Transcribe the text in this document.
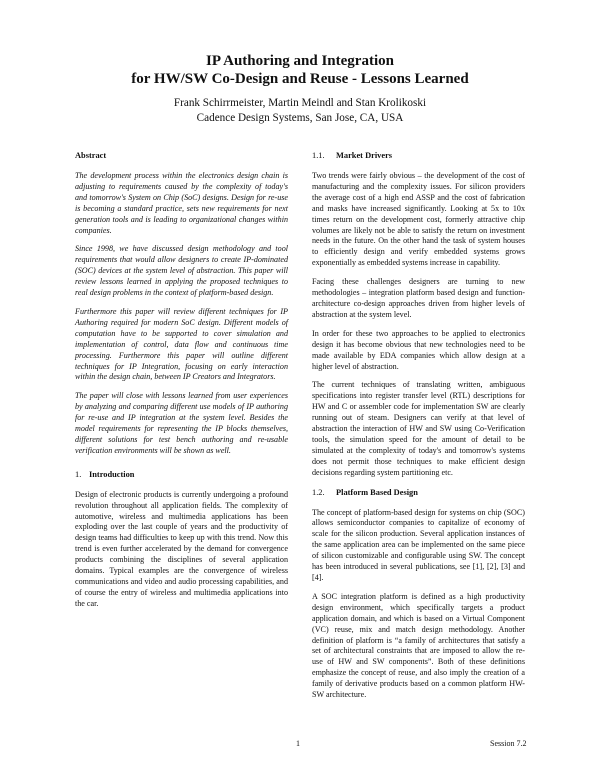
IP Authoring and Integration
for HW/SW Co-Design and Reuse - Lessons Learned
Frank Schirrmeister, Martin Meindl and Stan Krolikoski
Cadence Design Systems, San Jose, CA, USA
Abstract

The development process within the electronics design chain is adjusting to requirements caused by the complexity of today's and tomorrow's System on Chip (SoC) designs. Design for re-use is becoming a standard practice, sets new requirements for next generation tools and is leading to organizational changes within companies.

Since 1998, we have discussed design methodology and tool requirements that would allow designers to create IP-dominated (SOC) devices at the system level of abstraction. This paper will review lessons learned in applying the proposed techniques to real design problems in the context of platform-based design.

Furthermore this paper will review different techniques for IP Authoring required for modern SoC design. Different models of computation have to be supported to cover simulation and implementation of control, data flow and continuous time processing. Furthermore this paper will outline different techniques for IP Integration, focusing on early interaction within the design chain, between IP Creators and Integrators.

The paper will close with lessons learned from user experiences by analyzing and comparing different use models of IP authoring for re-use and IP integration at the system level. Besides the model requirements for representing the IP blocks themselves, different solutions for test bench authoring and re-usable verification environments will be shown as well.

1. Introduction

Design of electronic products is currently undergoing a profound revolution throughout all application fields. The complexity of automotive, wireless and multimedia applications has been exploding over the last couple of years and the productivity of design teams had difficulties to keep up with this trend. Now this trend is even further accelerated by the demand for convergence products combining the disciplines of several application domains. Typical examples are the convergence of wireless communications and video and audio processing capabilities, and of course the entry of wireless and multimedia applications into the car.

1.1. Market Drivers

Two trends were fairly obvious – the development of the cost of manufacturing and the complexity issues. For silicon providers the average cost of a high end ASSP and the cost of fabrication and masks have increased significantly. Looking at 5x to 10x times return on the development cost, formerly attractive chip volumes are likely not be able to satisfy the return on investment needs in the future. On the other hand the task of system houses to efficiently design and verify embedded systems grows exponentially as embedded systems increase in capability.

Facing these challenges designers are turning to new methodologies – integration platform based design and function-architecture co-design approaches driven from higher levels of abstraction at the system level.

In order for these two approaches to be applied to electronics design it has become obvious that new technologies need to be made available by EDA companies which allow design at a higher level of abstraction.

The current techniques of translating written, ambiguous specifications into register transfer level (RTL) descriptions for HW and C or assembler code for implementation SW are clearly running out of steam. Designers can verify at that level of abstraction the interaction of HW and SW using Co-Verification tools, the simulation speed for the amount of detail to be simulated at the complexity of today's and tomorrow's systems does not permit those techniques to make efficient design decisions regarding system partitioning etc.

1.2. Platform Based Design

The concept of platform-based design for systems on chip (SOC) allows semiconductor companies to capitalize of economy of scale for the silicon production. Several application instances of the same application area can be implemented on the same piece of silicon customizable and configurable using SW. The concept has been introduced in several publications, see [1], [2], [3] and [4].

A SOC integration platform is defined as a high productivity design environment, which specifically targets a product application domain, and which is based on a Virtual Component (VC) reuse, mix and match design methodology. Another definition of platform is “a family of architectures that satisfy a set of architectural constraints that are imposed to allow the re-use of HW and SW components”. Both of these definitions emphasize the concept of reuse, and also imply the creation of a family of derivative products based on a common platform HW-SW architecture.

1	Session 7.2
